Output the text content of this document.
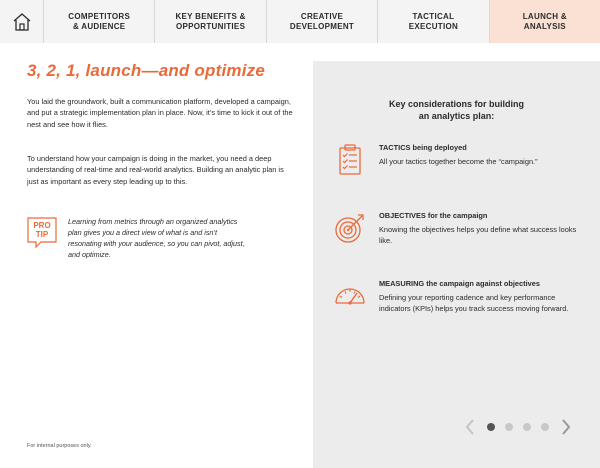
COMPETITORS
& AUDIENCE
KEY BENEFITS &
OPPORTUNITIES
CREATIVE
DEVELOPMENT
TACTICAL
EXECUTION
LAUNCH &
ANALYSIS
3, 2, 1, launch—and optimize

You laid the groundwork, built a communication platform, developed a campaign, and put a strategic implementation plan in place. Now, it’s time to kick it out of the nest and see how it flies.

To understand how your campaign is doing in the market, you need a deep understanding of real-time and real-world analytics. Building an analytic plan is just as important as every step leading up to this.

PRO
TIP

Learning from metrics through an organized analytics plan gives you a direct view of what is and isn’t resonating with your audience, so you can pivot, adjust, and optimize.

For internal purposes only.
Key considerations for building
an analytics plan:
TACTICS being deployed
All your tactics together become the “campaign.”
OBJECTIVES for the campaign
Knowing the objectives helps you define what success looks like.
MEASURING the campaign against objectives
Defining your reporting cadence and key performance indicators (KPIs) helps you track success moving forward.
